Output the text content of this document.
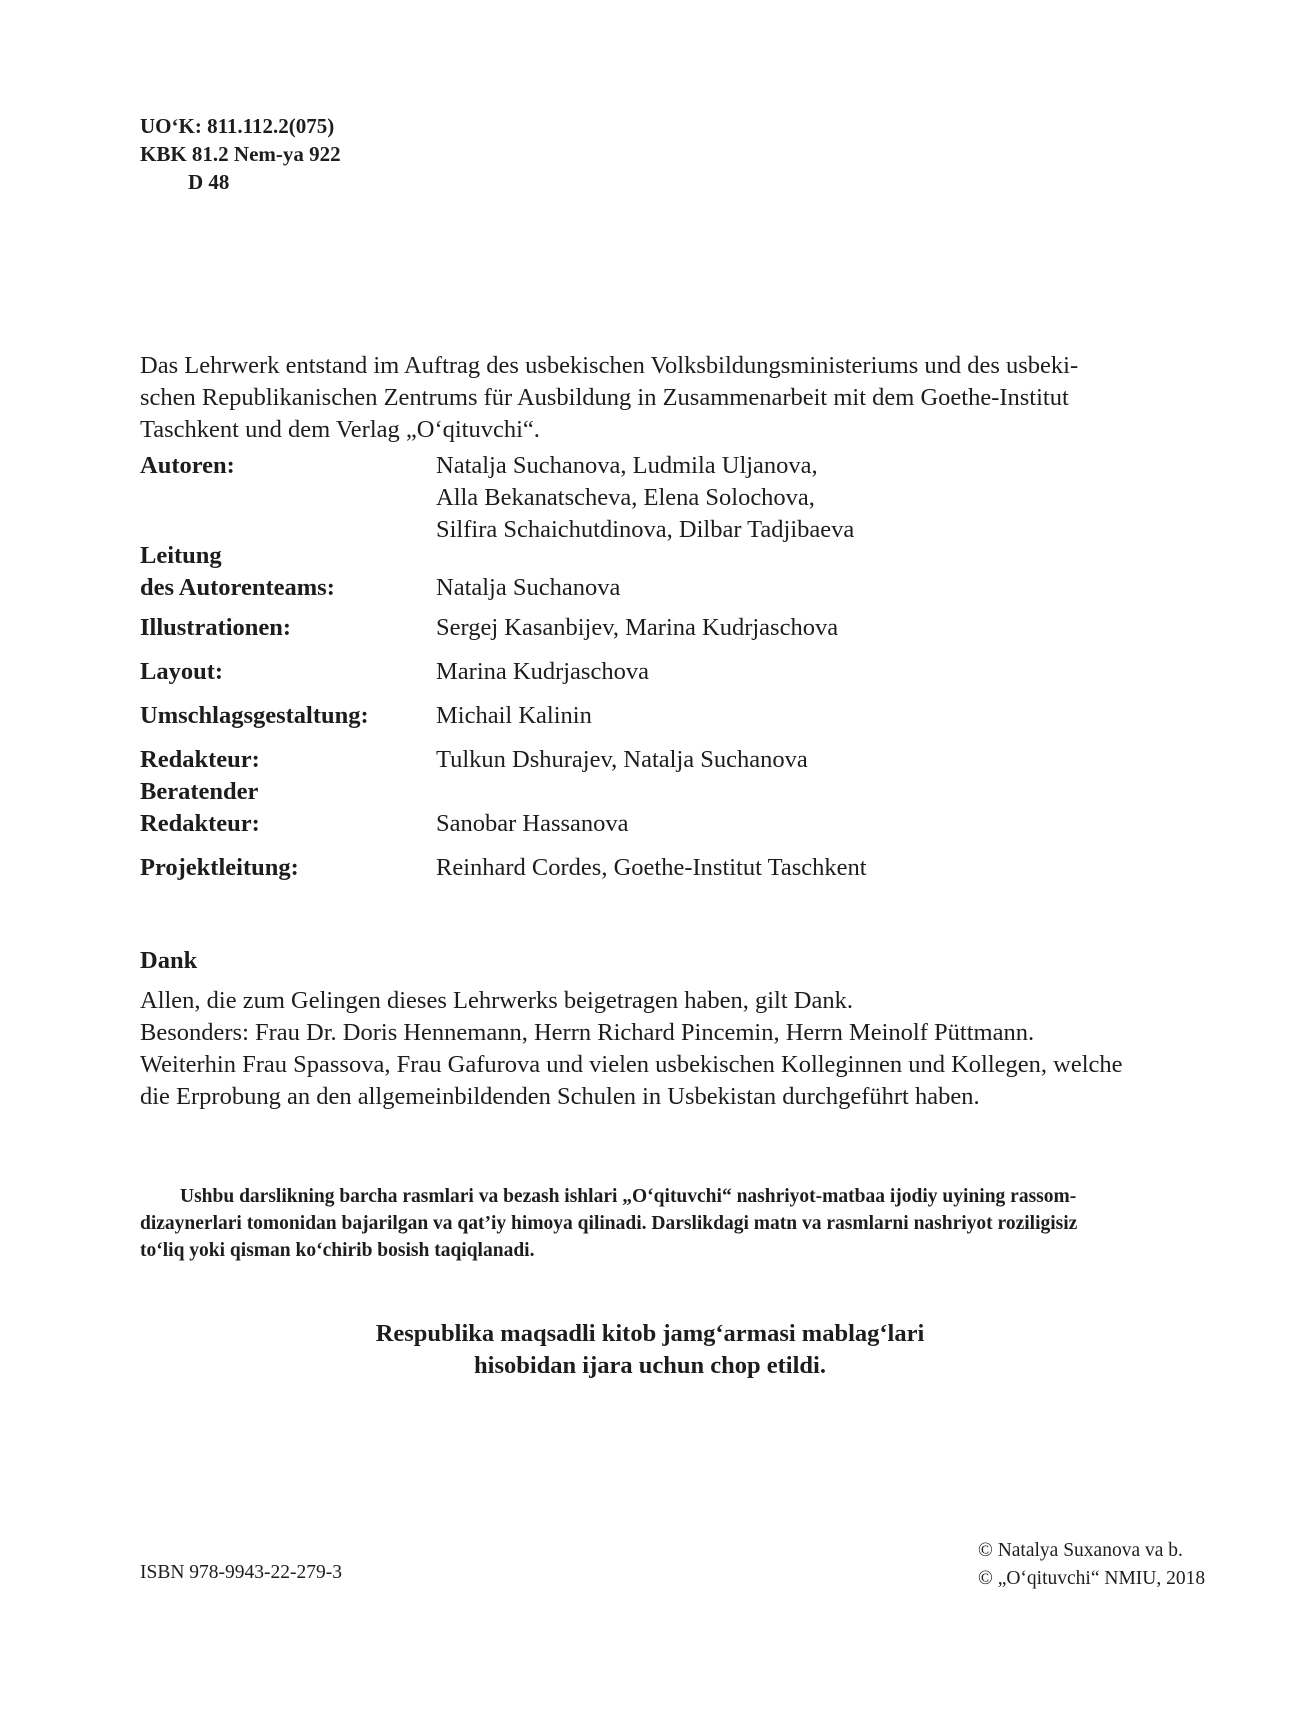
UO‘K: 811.112.2(075)
KBK 81.2 Nem-ya 922
D 48
Das Lehrwerk entstand im Auftrag des usbekischen Volksbildungsministeriums und des usbeki-
schen Republikanischen Zentrums für Ausbildung in Zusammenarbeit mit dem Goethe-Institut
Taschkent und dem Verlag „O‘qituvchi“.
Autoren:	Natalja Suchanova, Ludmila Uljanova,
Alla Bekanatscheva, Elena Solochova,
Silfira Schaichutdinova, Dilbar Tadjibaeva
Leitung
des Autorenteams:	Natalja Suchanova
Illustrationen:	Sergej Kasanbijev, Marina Kudrjaschova
Layout:	Marina Kudrjaschova
Umschlagsgestaltung:	Michail Kalinin
Redakteur:	Tulkun Dshurajev, Natalja Suchanova
Beratender
Redakteur:	Sanobar Hassanova
Projektleitung:	Reinhard Cordes, Goethe-Institut Taschkent
Dank
Allen, die zum Gelingen dieses Lehrwerks beigetragen haben, gilt Dank.
Besonders: Frau Dr. Doris Hennemann, Herrn Richard Pincemin, Herrn Meinolf Püttmann.
Weiterhin Frau Spassova, Frau Gafurova und vielen usbekischen Kolleginnen und Kollegen, welche
die Erprobung an den allgemeinbildenden Schulen in Usbekistan durchgeführt haben.
Ushbu darslikning barcha rasmlari va bezash ishlari „O‘qituvchi“ nashriyot-matbaa ijodiy uyining rassom-
dizaynerlari tomonidan bajarilgan va qat’iy himoya qilinadi. Darslikdagi matn va rasmlarni nashriyot roziligisiz
to‘liq yoki qisman ko‘chirib bosish taqiqlanadi.
Respublika maqsadli kitob jamg‘armasi mablag‘lari
hisobidan ijara uchun chop etildi.
ISBN 978-9943-22-279-3
© Natalya Suxanova va b.
© „O‘qituvchi“ NMIU, 2018
